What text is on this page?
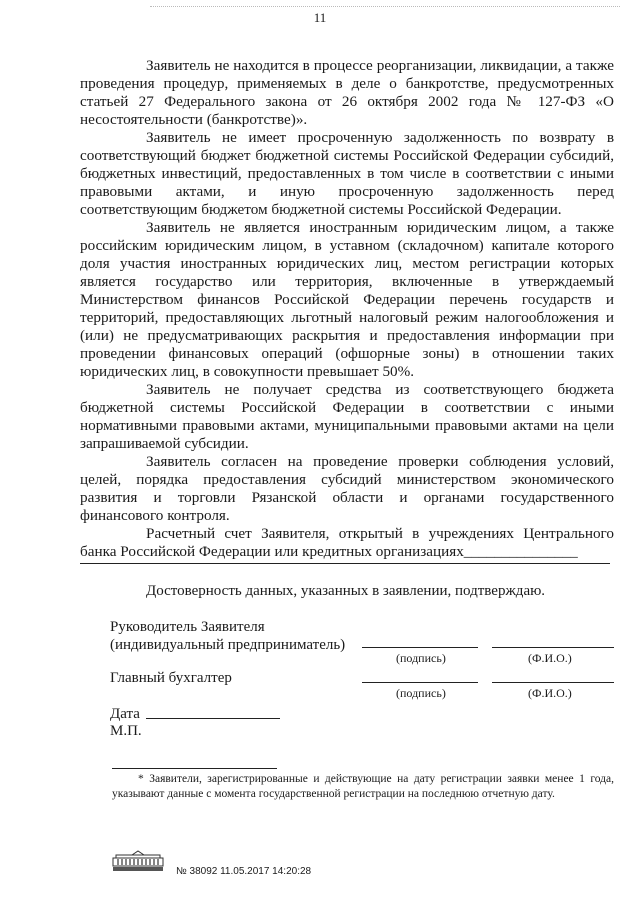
11

Заявитель не находится в процессе реорганизации, ликвидации, а также проведения процедур, применяемых в деле о банкротстве, предусмотренных статьей 27 Федерального закона от 26 октября 2002 года № 127-ФЗ «О несостоятельности (банкротстве)».

Заявитель не имеет просроченную задолженность по возврату в соответствующий бюджет бюджетной системы Российской Федерации субсидий, бюджетных инвестиций, предоставленных в том числе в соответствии с иными правовыми актами, и иную просроченную задолженность перед соответствующим бюджетом бюджетной системы Российской Федерации.

Заявитель не является иностранным юридическим лицом, а также российским юридическим лицом, в уставном (складочном) капитале которого доля участия иностранных юридических лиц, местом регистрации которых является государство или территория, включенные в утверждаемый Министерством финансов Российской Федерации перечень государств и территорий, предоставляющих льготный налоговый режим налогообложения и (или) не предусматривающих раскрытия и предоставления информации при проведении финансовых операций (офшорные зоны) в отношении таких юридических лиц, в совокупности превышает 50%.

Заявитель не получает средства из соответствующего бюджета бюджетной системы Российской Федерации в соответствии с иными нормативными правовыми актами, муниципальными правовыми актами на цели запрашиваемой субсидии.

Заявитель согласен на проведение проверки соблюдения условий, целей, порядка предоставления субсидий министерством экономического развития и торговли Рязанской области и органами государственного финансового контроля.

Расчетный счет Заявителя, открытый в учреждениях Центрального банка Российской Федерации или кредитных организациях_______________

Достоверность данных, указанных в заявлении, подтверждаю.
Руководитель Заявителя
(индивидуальный предприниматель)
(подпись)	(Ф.И.О.)
Главный бухгалтер
(подпись)	(Ф.И.О.)
Дата
М.П.
* Заявители, зарегистрированные и действующие на дату регистрации заявки менее 1 года, указывают данные с момента государственной регистрации на последнюю отчетную дату.
№ 38092 11.05.2017 14:20:28
